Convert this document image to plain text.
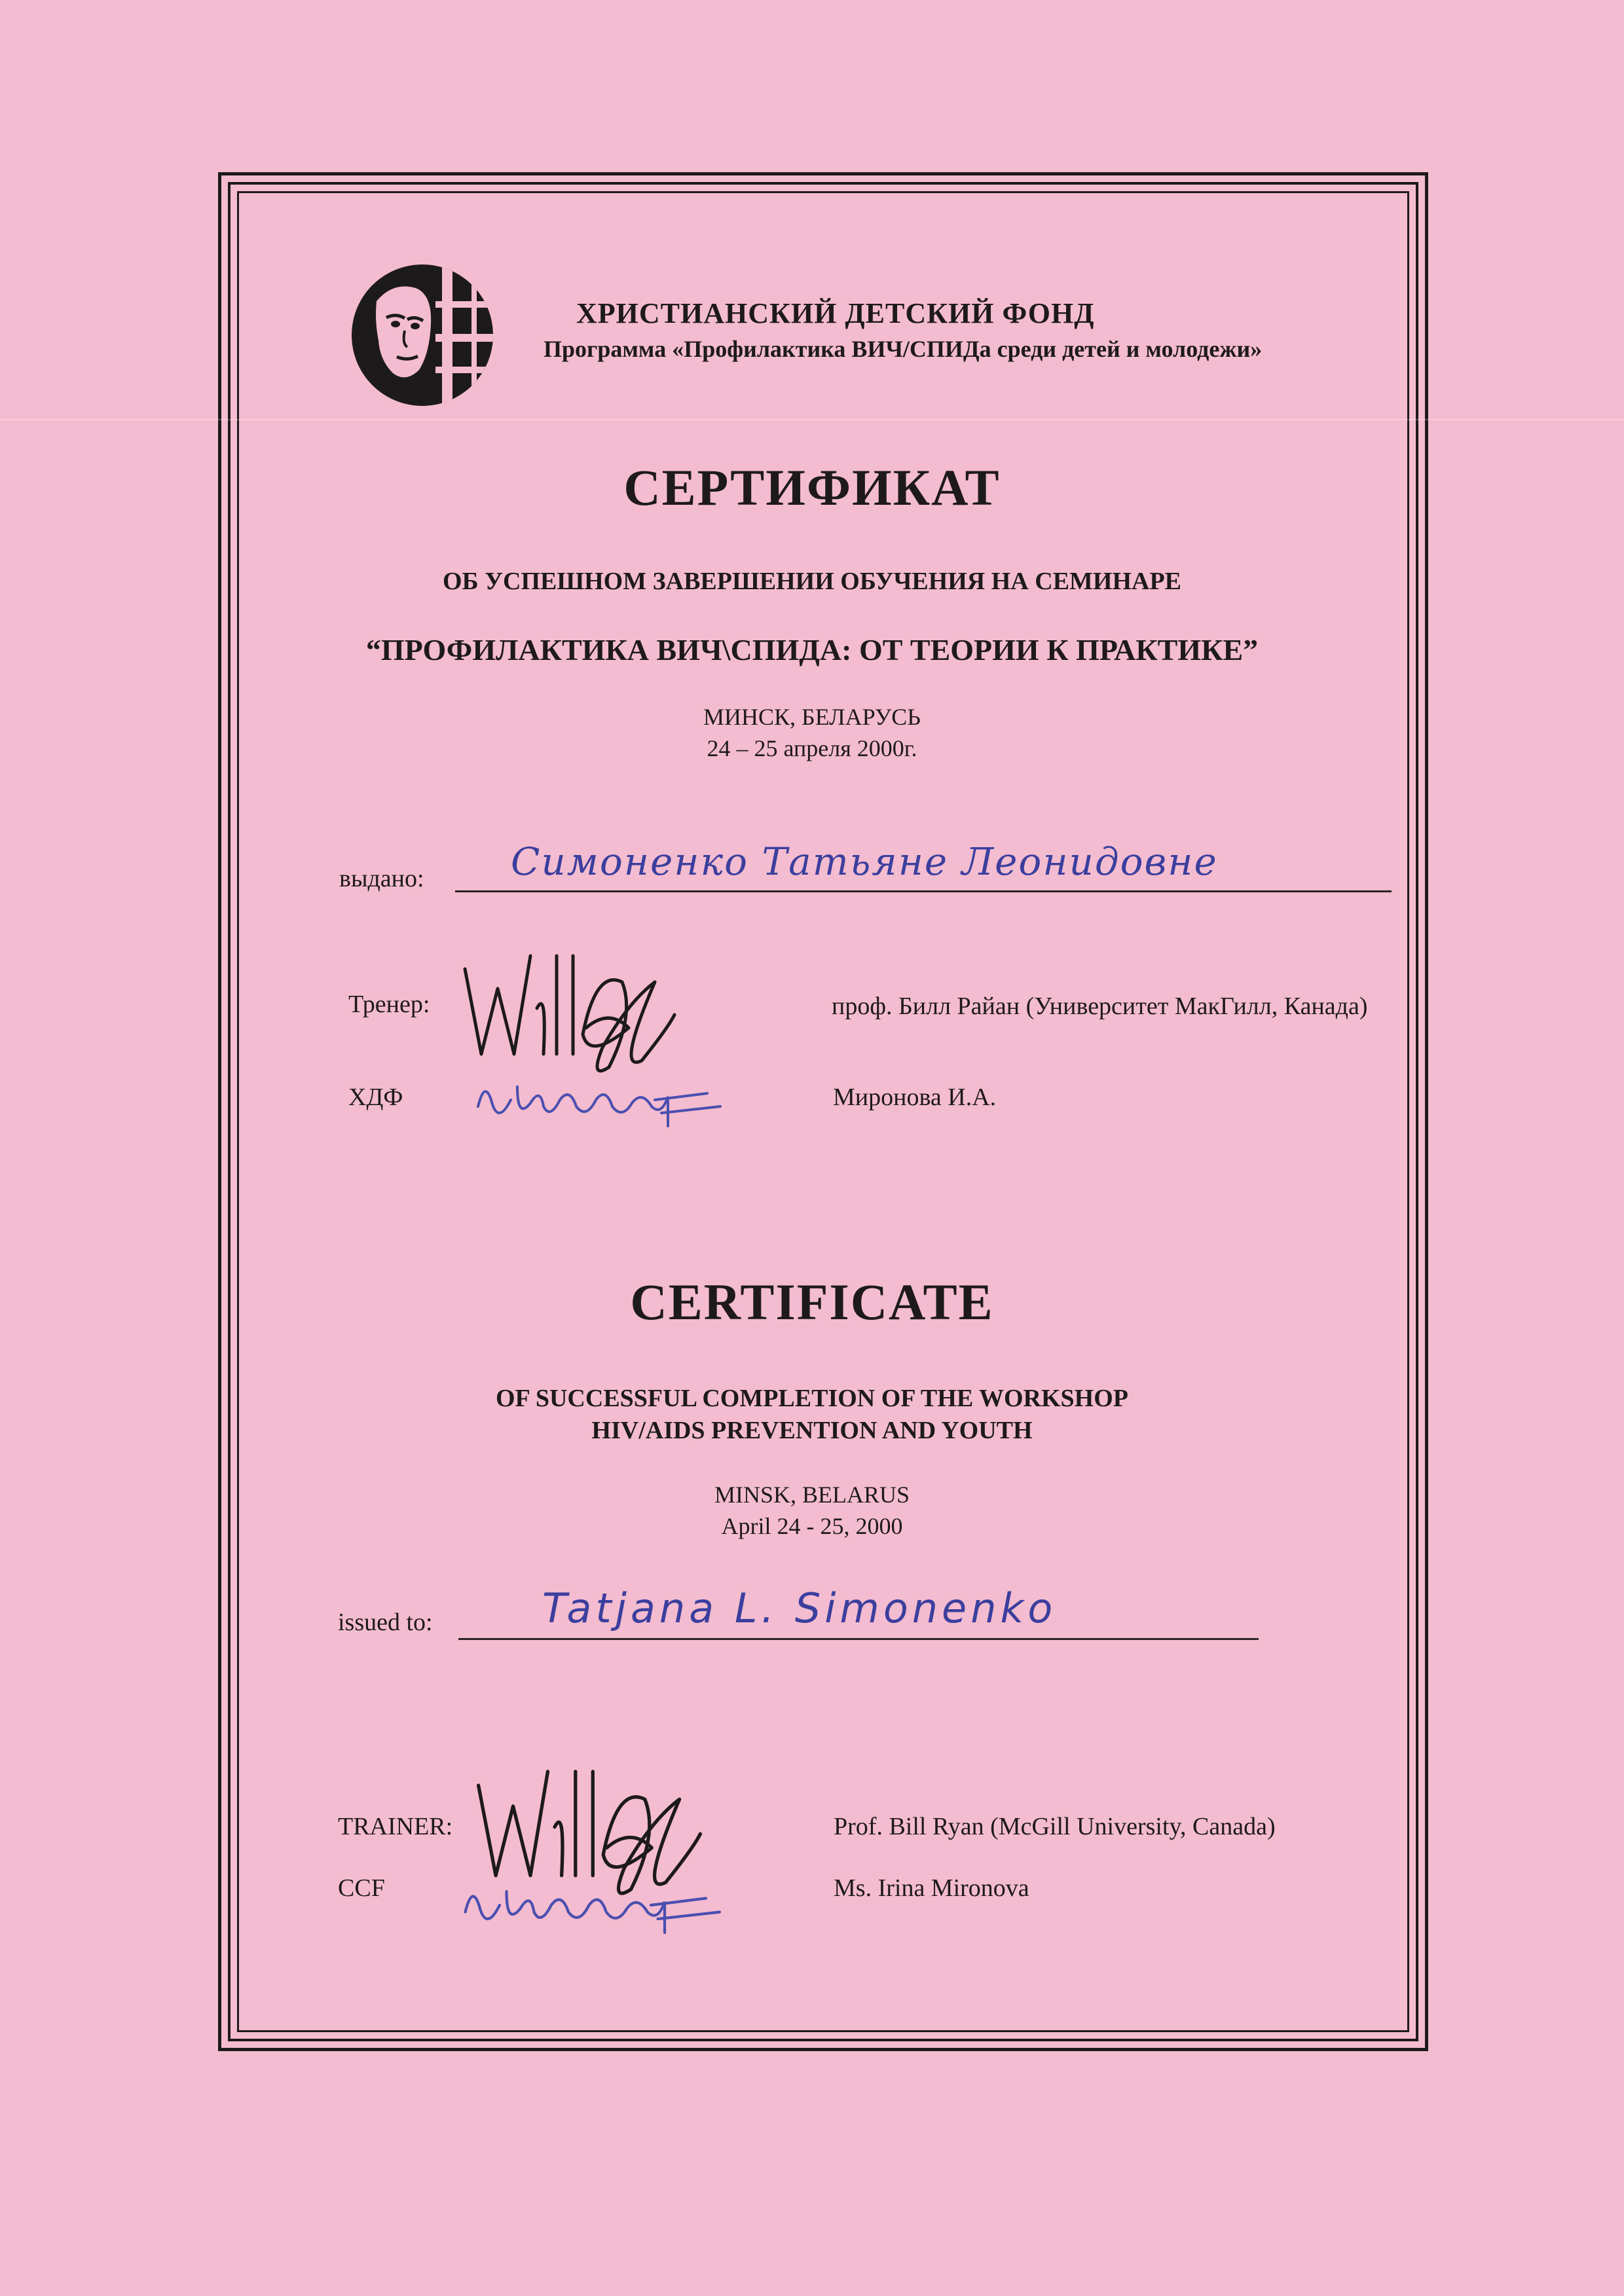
ХРИСТИАНСКИЙ ДЕТСКИЙ ФОНД
Программа «Профилактика ВИЧ/СПИДа среди детей и молодежи»
СЕРТИФИКАТ
ОБ УСПЕШНОМ ЗАВЕРШЕНИИ ОБУЧЕНИЯ НА СЕМИНАРЕ
“ПРОФИЛАКТИКА ВИЧ\СПИДА: ОТ ТЕОРИИ К ПРАКТИКЕ”
МИНСК, БЕЛАРУСЬ
24 – 25 апреля 2000г.
выдано: Симоненко Татьяне Леонидовне
Тренер:	проф. Билл Райан (Университет МакГилл, Канада)
ХДФ	Миронова И.А.
CERTIFICATE
OF SUCCESSFUL COMPLETION OF THE WORKSHOP
HIV/AIDS PREVENTION AND YOUTH
MINSK, BELARUS
April 24 - 25, 2000
issued to:	Tatjana L. Simonenko
TRAINER:	Prof. Bill Ryan (McGill University, Canada)
CCF	Ms. Irina Mironova
